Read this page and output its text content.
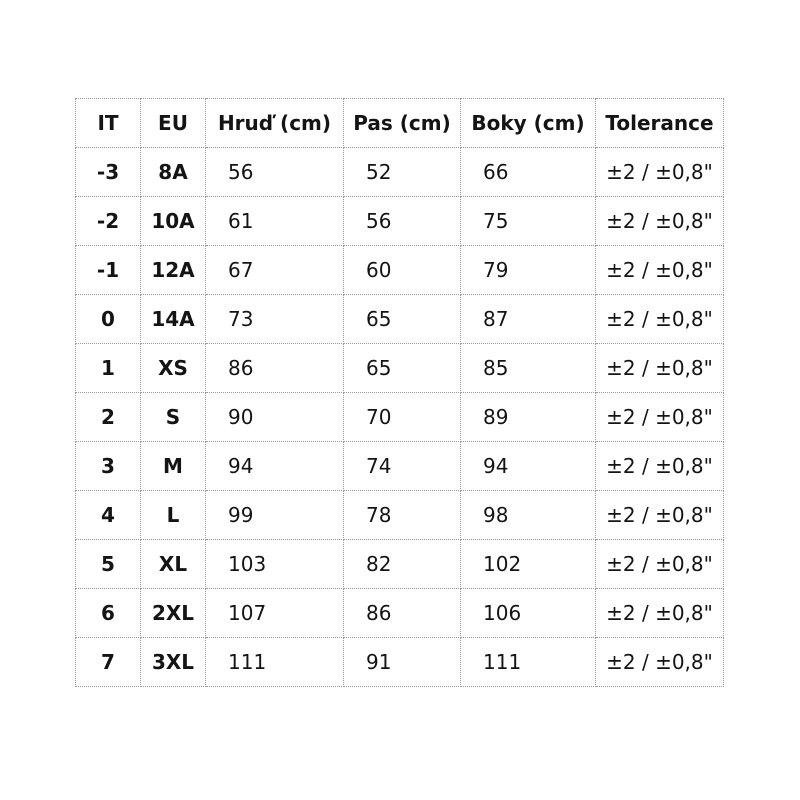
IT	EU	Hruď (cm)	Pas (cm)	Boky (cm)	Tolerance
-3	8A	56	52	66	±2 / ±0,8"
-2	10A	61	56	75	±2 / ±0,8"
-1	12A	67	60	79	±2 / ±0,8"
0	14A	73	65	87	±2 / ±0,8"
1	XS	86	65	85	±2 / ±0,8"
2	S	90	70	89	±2 / ±0,8"
3	M	94	74	94	±2 / ±0,8"
4	L	99	78	98	±2 / ±0,8"
5	XL	103	82	102	±2 / ±0,8"
6	2XL	107	86	106	±2 / ±0,8"
7	3XL	111	91	111	±2 / ±0,8"
